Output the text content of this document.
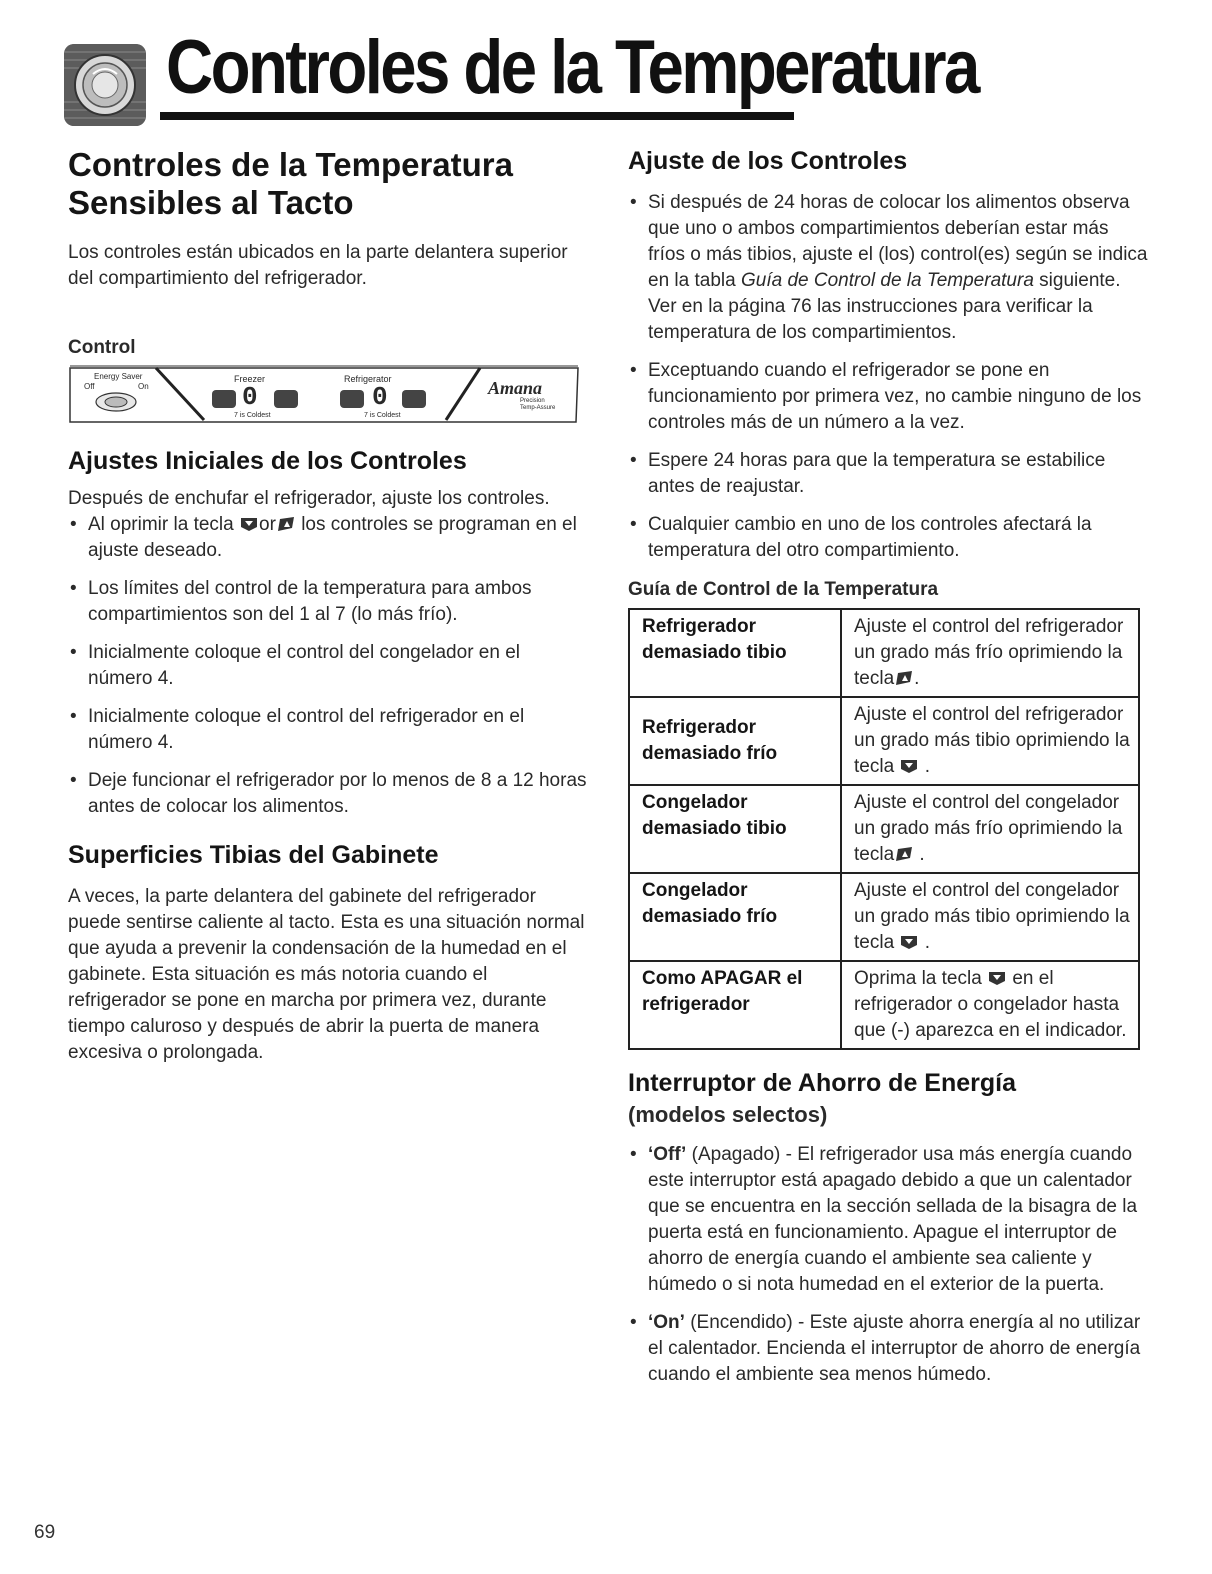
Controles de la Temperatura
Controles de la Temperatura
Sensibles al Tacto

Los controles están ubicados en la parte delantera superior del compartimiento del refrigerador.

Control
Energy Saver
Off	On
Freezer	Refrigerator
0	0
7 is Coldest	7 is Coldest
Amana
Precision
Temp-Assure
Ajustes Iniciales de los Controles

Después de enchufar el refrigerador, ajuste los controles.

• Al oprimir la tecla or los controles se programan en el ajuste deseado.
• Los límites del control de la temperatura para ambos compartimientos son del 1 al 7 (lo más frío).
• Inicialmente coloque el control del congelador en el número 4.
• Inicialmente coloque el control del refrigerador en el número 4.
• Deje funcionar el refrigerador por lo menos de 8 a 12 horas antes de colocar los alimentos.
Superficies Tibias del Gabinete

A veces, la parte delantera del gabinete del refrigerador puede sentirse caliente al tacto. Esta es una situación normal que ayuda a prevenir la condensación de la humedad en el gabinete. Esta situación es más notoria cuando el refrigerador se pone en marcha por primera vez, durante tiempo caluroso y después de abrir la puerta de manera excesiva o prolongada.

Ajuste de los Controles
• Si después de 24 horas de colocar los alimentos observa que uno o ambos compartimientos deberían estar más fríos o más tibios, ajuste el (los) control(es) según se indica en la tabla Guía de Control de la Temperatura siguiente. Ver en la página 76 las instrucciones para verificar la temperatura de los compartimientos.
• Exceptuando cuando el refrigerador se pone en funcionamiento por primera vez, no cambie ninguno de los controles más de un número a la vez.
• Espere 24 horas para que la temperatura se estabilice antes de reajustar.
• Cualquier cambio en uno de los controles afectará la temperatura del otro compartimiento.
Guía de Control de la Temperatura
Refrigerador demasiado tibio	Ajuste el control del refrigerador un grado más frío oprimiendo la tecla .
Refrigerador demasiado frío	Ajuste el control del refrigerador un grado más tibio oprimiendo la tecla .
Congelador demasiado tibio	Ajuste el control del congelador un grado más frío oprimiendo la tecla .
Congelador demasiado frío	Ajuste el control del congelador un grado más tibio oprimiendo la tecla .
Como APAGAR el refrigerador	Oprima la tecla en el refrigerador o congelador hasta que (-) aparezca en el indicador.
Interruptor de Ahorro de Energía
(modelos selectos)
• ‘Off’ (Apagado) - El refrigerador usa más energía cuando este interruptor está apagado debido a que un calentador que se encuentra en la sección sellada de la bisagra de la puerta está en funcionamiento. Apague el interruptor de ahorro de energía cuando el ambiente sea caliente y húmedo o si nota humedad en el exterior de la puerta.
• ‘On’ (Encendido) - Este ajuste ahorra energía al no utilizar el calentador. Encienda el interruptor de ahorro de energía cuando el ambiente sea menos húmedo.
69
